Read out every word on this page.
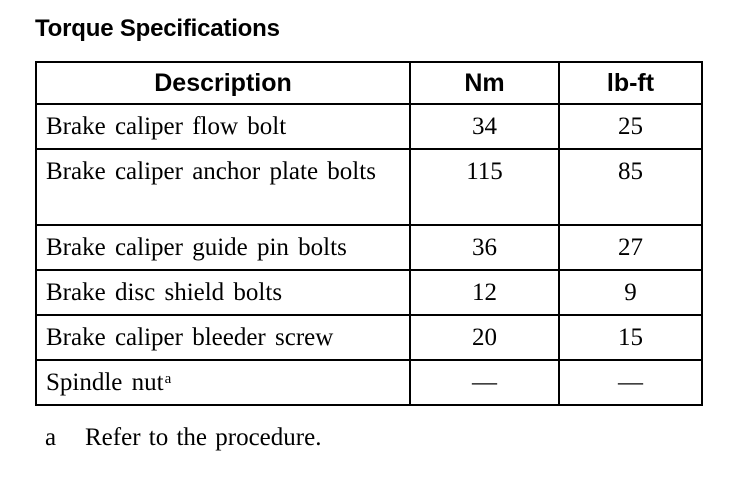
Torque Specifications
Description	Nm	lb-ft
Brake caliper flow bolt	34	25
Brake caliper anchor plate bolts	115	85
Brake caliper guide pin bolts	36	27
Brake disc shield bolts	12	9
Brake caliper bleeder screw	20	15
Spindle nut$^a$	—	—
a Refer to the procedure.
